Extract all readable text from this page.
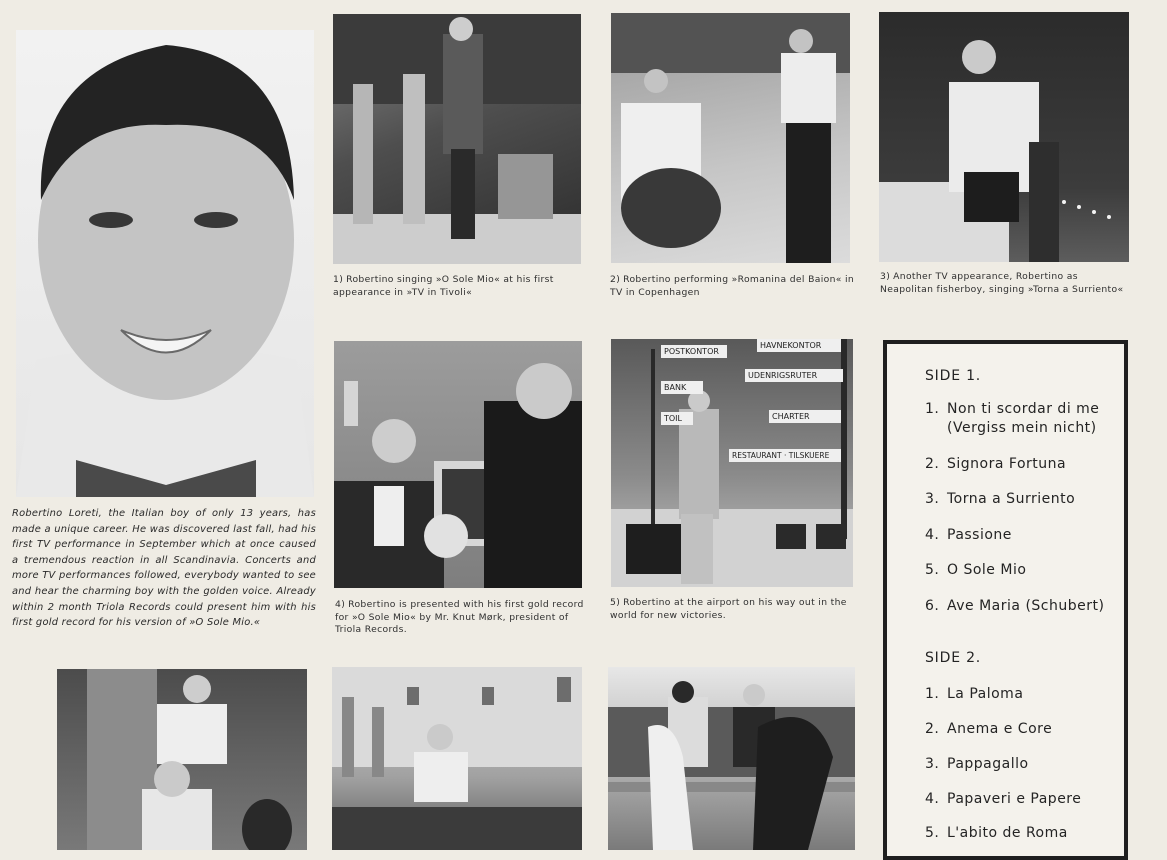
Robertino Loreti, the Italian boy of only 13 years, has made a unique career. He was discovered last fall, had his first TV performance in September which at once caused a tremendous reaction in all Scandinavia. Concerts and more TV performances followed, everybody wanted to see and hear the charming boy with the golden voice. Already within 2 month Triola Records could present him with his first gold record for his version of »O Sole Mio.«
1) Robertino singing »O Sole Mio« at his first appearance in »TV in Tivoli«
2) Robertino performing »Romanina del Baion« in TV in Copenhagen
3) Another TV appearance, Robertino as Neapolitan fisherboy, singing »Torna a Surriento«
4) Robertino is presented with his first gold record for »O Sole Mio« by Mr. Knut Mørk, president of Triola Records.
POSTKONTOR
HAVNEKONTOR
BANK
UDENRIGSRUTER
TOIL	CHARTER
RESTAURANT · TILSKUERE
5) Robertino at the airport on his way out in the world for new victories.
SIDE 1.
1. Non ti scordar di me (Vergiss mein nicht)
2. Signora Fortuna
3. Torna a Surriento
4. Passione
5. O Sole Mio
6. Ave Maria (Schubert)
SIDE 2.
1. La Paloma
2. Anema e Core
3. Pappagallo
4. Papaveri e Papere
5. L'abito de Roma
